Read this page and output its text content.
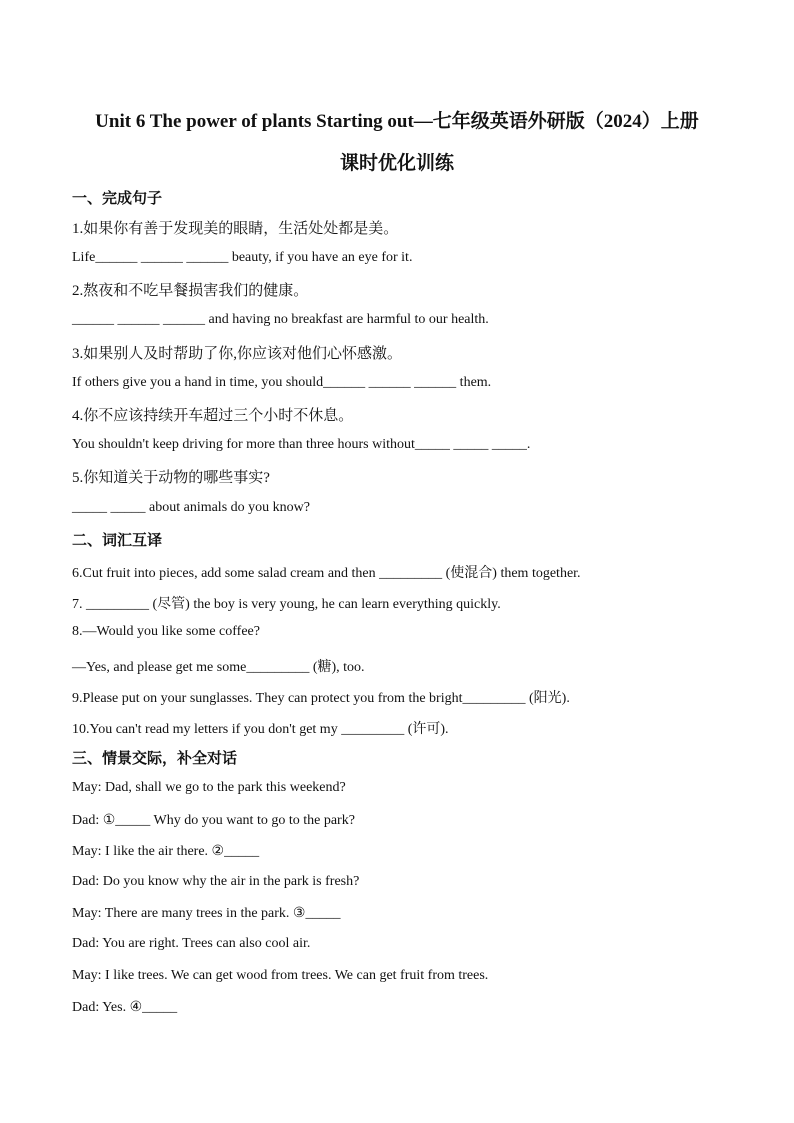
Unit 6 The power of plants Starting out—七年级英语外研版（2024）上册
课时优化训练
一、完成句子
1.如果你有善于发现美的眼睛，生活处处都是美。
Life______ ______ ______ beauty, if you have an eye for it.
2.熬夜和不吃早餐损害我们的健康。
______ ______ ______ and having no breakfast are harmful to our health.
3.如果别人及时帮助了你,你应该对他们心怀感激。
If others give you a hand in time, you should______ ______ ______ them.
4.你不应该持续开车超过三个小时不休息。
You shouldn't keep driving for more than three hours without_____ _____ _____.
5.你知道关于动物的哪些事实?
_____ _____ about animals do you know?
二、词汇互译
6.Cut fruit into pieces, add some salad cream and then _________ (使混合) them together.
7. _________ (尽管) the boy is very young, he can learn everything quickly.
8.—Would you like some coffee?
—Yes, and please get me some_________ (糖), too.
9.Please put on your sunglasses. They can protect you from the bright_________ (阳光).
10.You can't read my letters if you don't get my _________ (许可).
三、情景交际，补全对话
May: Dad, shall we go to the park this weekend?
Dad: ①_____ Why do you want to go to the park?
May: I like the air there. ②_____
Dad: Do you know why the air in the park is fresh?
May: There are many trees in the park. ③_____
Dad: You are right. Trees can also cool air.
May: I like trees. We can get wood from trees. We can get fruit from trees.
Dad: Yes. ④_____
